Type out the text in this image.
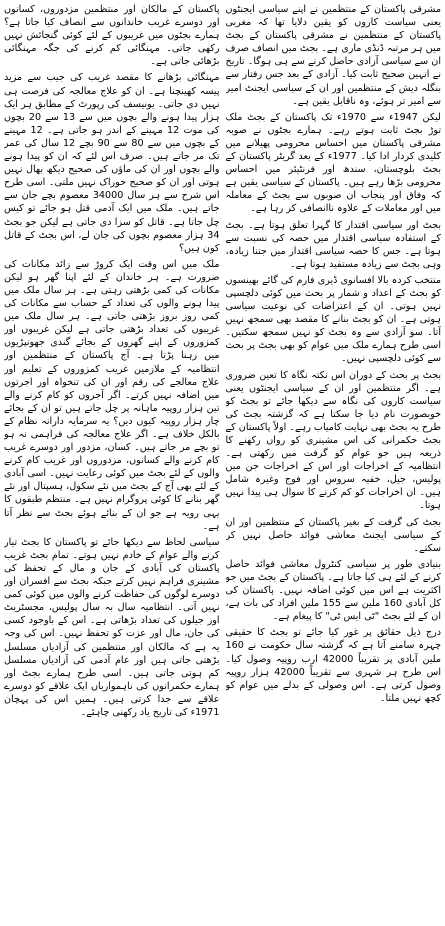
مشرقی پاکستان کے منتظمین نے اپنے سیاسی ایجنٹوں یعنی سیاست کاروں کو یقین دلایا تھا کہ مغربی پاکستان کے منتظمین نے مشرقی پاکستان کے بجٹ میں ہر مرتبہ ڈنڈی ماری ہے۔ بجٹ میں انصاف صرف ان سے سیاسی آزادی حاصل کرنے سے ہی ہوگا۔ تاریخ نے انہیں صحیح ثابت کیا۔ آزادی کے بعد جس رفتار سے بنگلہ دیش کے منتظمین اور ان کے سیاسی ایجنٹ امیر سے امیر تر ہوئے، وہ ناقابل یقین ہے۔

لیکن 1947ء سے 1970ء تک پاکستان کے بجٹ ملک توڑ بجٹ ثابت ہوتے رہے۔ ہمارے بجٹوں نے صوبہ مشرقی پاکستان میں احساس محرومی پھیلانے میں کلیدی کردار ادا کیا۔ 1977ء کے بعد گریٹر پاکستان کے بجٹ بلوچستان، سندھ اور فرنٹیئر میں احساس محرومی بڑھا رہے ہیں۔ پاکستان کے سیاسی یقین ہے کہ وفاق اور پنجاب ان صوبوں سے بجٹ کے معاملہ میں اور معاملات کے علاوہ ناانصافی کر رہا ہے۔

بجٹ اور سیاسی اقتدار کا گہرا تعلق ہوتا ہے۔ بجٹ کے استفادہ سیاسی اقتدار میں حصہ کی نسبت سے ہوتا ہے۔ جس کا حصہ سیاسی اقتدار میں جتنا زیادہ، وہی بجٹ سے زیادہ مستفید ہوتا ہے۔

منتخب کردہ بالا افسانوی ڈیری فارم کی گائے بھینسوں کو بجٹ کے اعداد و شمار پر بحث میں کوئی دلچسپی نہیں ہوتی۔ ان کے اعتراضات کی نوعیت سیاسی ہوتی ہے۔ ان کو بجٹ بنانے کا مقصد بھی سمجھ نہیں آتا۔ سو آزادی سے وہ بجٹ کو نہیں سمجھ سکتیں۔ اسی طرح ہمارے ملک میں عوام کو بھی بجٹ پر بحث سے کوئی دلچسپی نہیں۔

بجٹ پر بحث کے دوران اس نکتہ نگاہ کا تعین ضروری ہے۔ اگر منتظمین اور ان کے سیاسی ایجنٹوں یعنی سیاست کاروں کی نگاہ سے دیکھا جائے تو بجٹ کو خوبصورت نام دیا جا سکتا ہے کہ گزشتہ بجٹ کی طرح یہ بجٹ بھی نہایت کامیاب رہے۔ اولاً پاکستان کے بجٹ حکمرانی کی اس مشینری کو رواں رکھنے کا ذریعہ ہیں جو عوام کو گرفت میں رکھتی ہے۔ انتظامیہ کے اخراجات اور اس کے اخراجات جن میں پولیس، جیل، خفیہ سروس اور فوج وغیرہ شامل ہیں۔ ان اخراجات کو کم کرنے کا سوال ہی پیدا نہیں ہوتا۔

بجٹ کی گرفت کے بغیر پاکستان کے منتظمین اور ان کے سیاسی ایجنٹ معاشی فوائد حاصل نہیں کر سکتے۔

بنیادی طور پر سیاسی کنٹرول معاشی فوائد حاصل کرنے کے لئے ہی کیا جاتا ہے۔ پاکستان کے بجٹ میں جو اکثریت ہے اس میں کوئی اضافہ نہیں۔ پاکستان کی کل آبادی 160 ملین سے 155 ملین افراد کی بات ہے، ان کے لئے بجٹ "ٹی ایس ٹی" کا پیغام ہے۔

درج ذیل حقائق پر غور کیا جائے تو بجٹ کا حقیقی چہرہ سامنے آتا ہے کہ گزشتہ سال حکومت نے 160 ملین آبادی پر تقریباً 42000 ارب روپیہ وصول کیا۔ اس طرح ہر شہری سے تقریباً 42000 ہزار روپیہ وصول کرتی ہے۔ اس وصولی کے بدلے میں عوام کو کچھ نہیں ملتا۔

پاکستان کے مالکان اور منتظمین مزدوروں، کسانوں اور دوسرے غریب خاندانوں سے انصاف کیا جاتا ہے؟ ہمارے بجٹوں میں غریبوں کے لئے کوئی گنجائش نہیں رکھی جاتی۔ مہنگائی کم کرنے کی جگہ مہنگائی بڑھائی جاتی ہے۔

مہنگائی بڑھانے کا مقصد غریب کی جیب سے مزید پیسہ کھینچنا ہے۔ ان کو علاج معالجہ کی فرصت ہی نہیں دی جاتی۔ یونیسف کی رپورٹ کے مطابق ہر ایک ہزار پیدا ہونے والے بچوں میں سے 13 سے 20 بچوں کی موت 12 مہینے کے اندر ہو جاتی ہے۔ 12 مہینے کے بچوں میں سے 80 سے 90 بچے 12 سال کی عمر تک مر جاتے ہیں۔ صرف اس لئے کہ ان کو پیدا ہونے والے بچوں اور ان کی ماؤں کی صحیح دیکھ بھال نہیں ہوتی اور ان کو صحیح خوراک نہیں ملتی۔ اسی طرح اس شرح سے ہر سال 34000 معصوم بچے جان سے جاتے ہیں۔ ملک میں ایک آدمی قتل ہو جائے تو کیس چل جاتا ہے۔ قاتل کو سزا دی جاتی ہے لیکن جو بجٹ 34 ہزار معصوم بچوں کی جان لے، اس بجٹ کے قاتل کون ہیں؟

ملک میں اس وقت ایک کروڑ سے زائد مکانات کی ضرورت ہے۔ ہر خاندان کے لئے اپنا گھر ہو لیکن مکانات کی کمی بڑھتی رہتی ہے۔ ہر سال ملک میں پیدا ہونے والوں کی تعداد کے حساب سے مکانات کی کمی روز بروز بڑھتی جاتی ہے۔ ہر سال ملک میں غریبوں کی تعداد بڑھتی جاتی ہے لیکن غریبوں اور کمزوروں کے اپنے گھروں کے بجائے گندی جھونپڑیوں میں رہنا پڑتا ہے۔ آج پاکستان کے منتظمین اور انتظامیہ کے ملازمین غریب کمزوروں کے تعلیم اور علاج معالجے کی رقم اور ان کی تنخواہ اور اجرتوں میں اضافہ نہیں کرتے۔ اگر آجروں کو کام کرنے والے تین ہزار روپیہ ماہانہ پر چل جاتے ہیں تو ان کے بجائے چار ہزار روپیہ کیوں دیں؟ یہ سرمایہ دارانہ نظام کے بالکل خلاف ہے۔ اگر علاج معالجہ کی فراہمی نہ ہو تو بچے مر جاتے ہیں۔ کسان، مزدور اور دوسرے غریب کام کرنے والے کسانوں، مزدوروں اور غریب کام کرنے والوں کے لئے بجٹ میں کوئی رعایت نہیں۔ اسی آبادی کے لئے بھی آج کے بجٹ میں نئے سکول، ہسپتال اور نئے گھر بنانے کا کوئی پروگرام نہیں ہے۔ منتظم طبقوں کا یہی رویہ ہے جو ان کے بنائے ہوئے بجٹ سے نظر آتا ہے۔

سیاسی لحاظ سے دیکھا جائے تو پاکستان کا بجٹ تیار کرنے والے عوام کے خادم نہیں ہوتے۔ تمام بجٹ غریب پاکستان کی آبادی کے جان و مال کے تحفظ کی مشینری فراہم نہیں کرتے جبکہ بجٹ سے افسران اور دوسرے لوگوں کی حفاظت کرنے والوں میں کوئی کمی نہیں آتی۔ انتظامیہ سال بہ سال پولیس، مجسٹریٹ اور جیلوں کی تعداد بڑھاتی ہے۔ اس کے باوجود کسی کی جان، مال اور عزت کو تحفظ نہیں۔ اس کی وجہ یہ ہے کہ مالکان اور منتظمین کی آزادیاں مسلسل بڑھتی جاتی ہیں اور عام آدمی کی آزادیاں مسلسل کم ہوتی جاتی ہیں۔ اسی طرح ہمارے بجٹ اور ہمارے حکمرانوں کی ناہمواریاں ایک علاقے کو دوسرے علاقے سے جدا کرتی ہیں۔ ہمیں اس کی پہچان 1971ء کی تاریخ یاد رکھنی چاہئے۔
